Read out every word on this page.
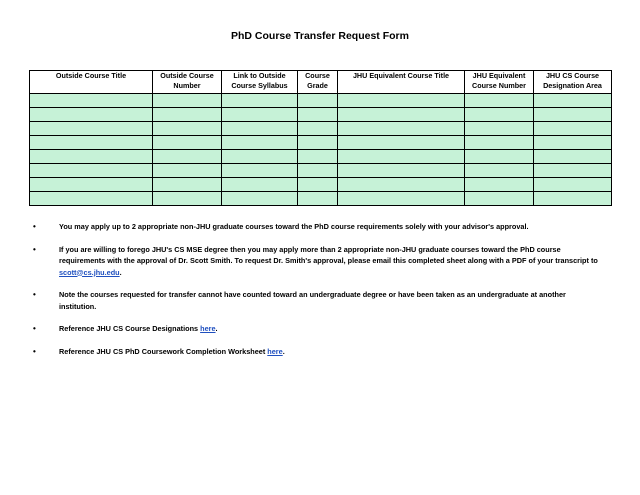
PhD Course Transfer Request Form
Outside Course Title	Outside Course Number	Link to Outside Course Syllabus	Course Grade	JHU Equivalent Course Title	JHU Equivalent Course Number	JHU CS Course Designation Area

•	You may apply up to 2 appropriate non-JHU graduate courses toward the PhD course requirements solely with your advisor's approval.
•	If you are willing to forego JHU's CS MSE degree then you may apply more than 2 appropriate non-JHU graduate courses toward the PhD course requirements with the approval of Dr. Scott Smith. To request Dr. Smith's approval, please email this completed sheet along with a PDF of your transcript to scott@cs.jhu.edu.
•	Note the courses requested for transfer cannot have counted toward an undergraduate degree or have been taken as an undergraduate at another institution.
•	Reference JHU CS Course Designations here.
•	Reference JHU CS PhD Coursework Completion Worksheet here.
